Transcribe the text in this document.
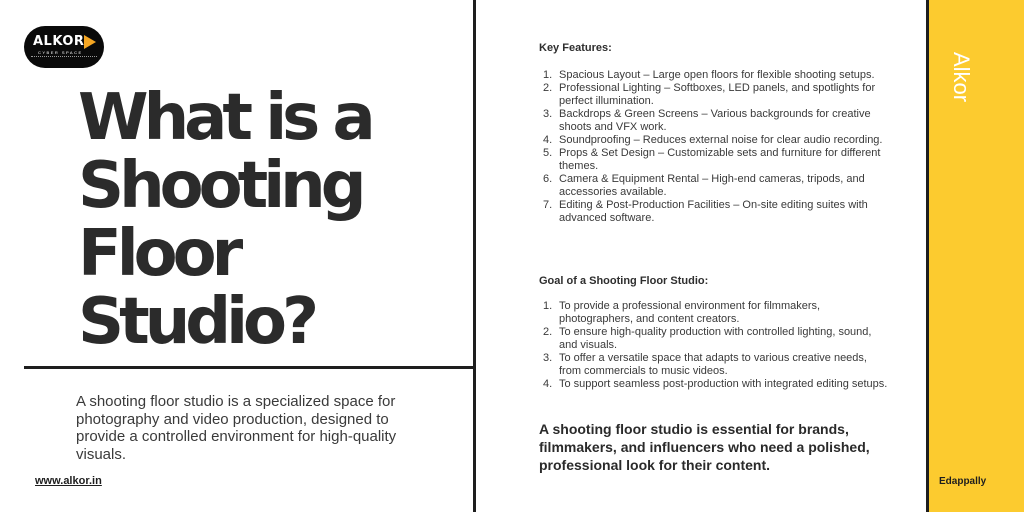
ALKOR
CYBER SPACE
What is a
Shooting
Floor
Studio?

A shooting floor studio is a specialized space for photography and video production, designed to provide a controlled environment for high-quality visuals.

www.alkor.in
Key Features:
1. Spacious Layout – Large open floors for flexible shooting setups.
2. Professional Lighting – Softboxes, LED panels, and spotlights for perfect illumination.
3. Backdrops & Green Screens – Various backgrounds for creative shoots and VFX work.
4. Soundproofing – Reduces external noise for clear audio recording.
5. Props & Set Design – Customizable sets and furniture for different themes.
6. Camera & Equipment Rental – High-end cameras, tripods, and accessories available.
7. Editing & Post-Production Facilities – On-site editing suites with advanced software.
Goal of a Shooting Floor Studio:
1. To provide a professional environment for filmmakers, photographers, and content creators.
2. To ensure high-quality production with controlled lighting, sound, and visuals.
3. To offer a versatile space that adapts to various creative needs, from commercials to music videos.
4. To support seamless post-production with integrated editing setups.

A shooting floor studio is essential for brands, filmmakers, and influencers who need a polished, professional look for their content.

Alkor
Edappally
